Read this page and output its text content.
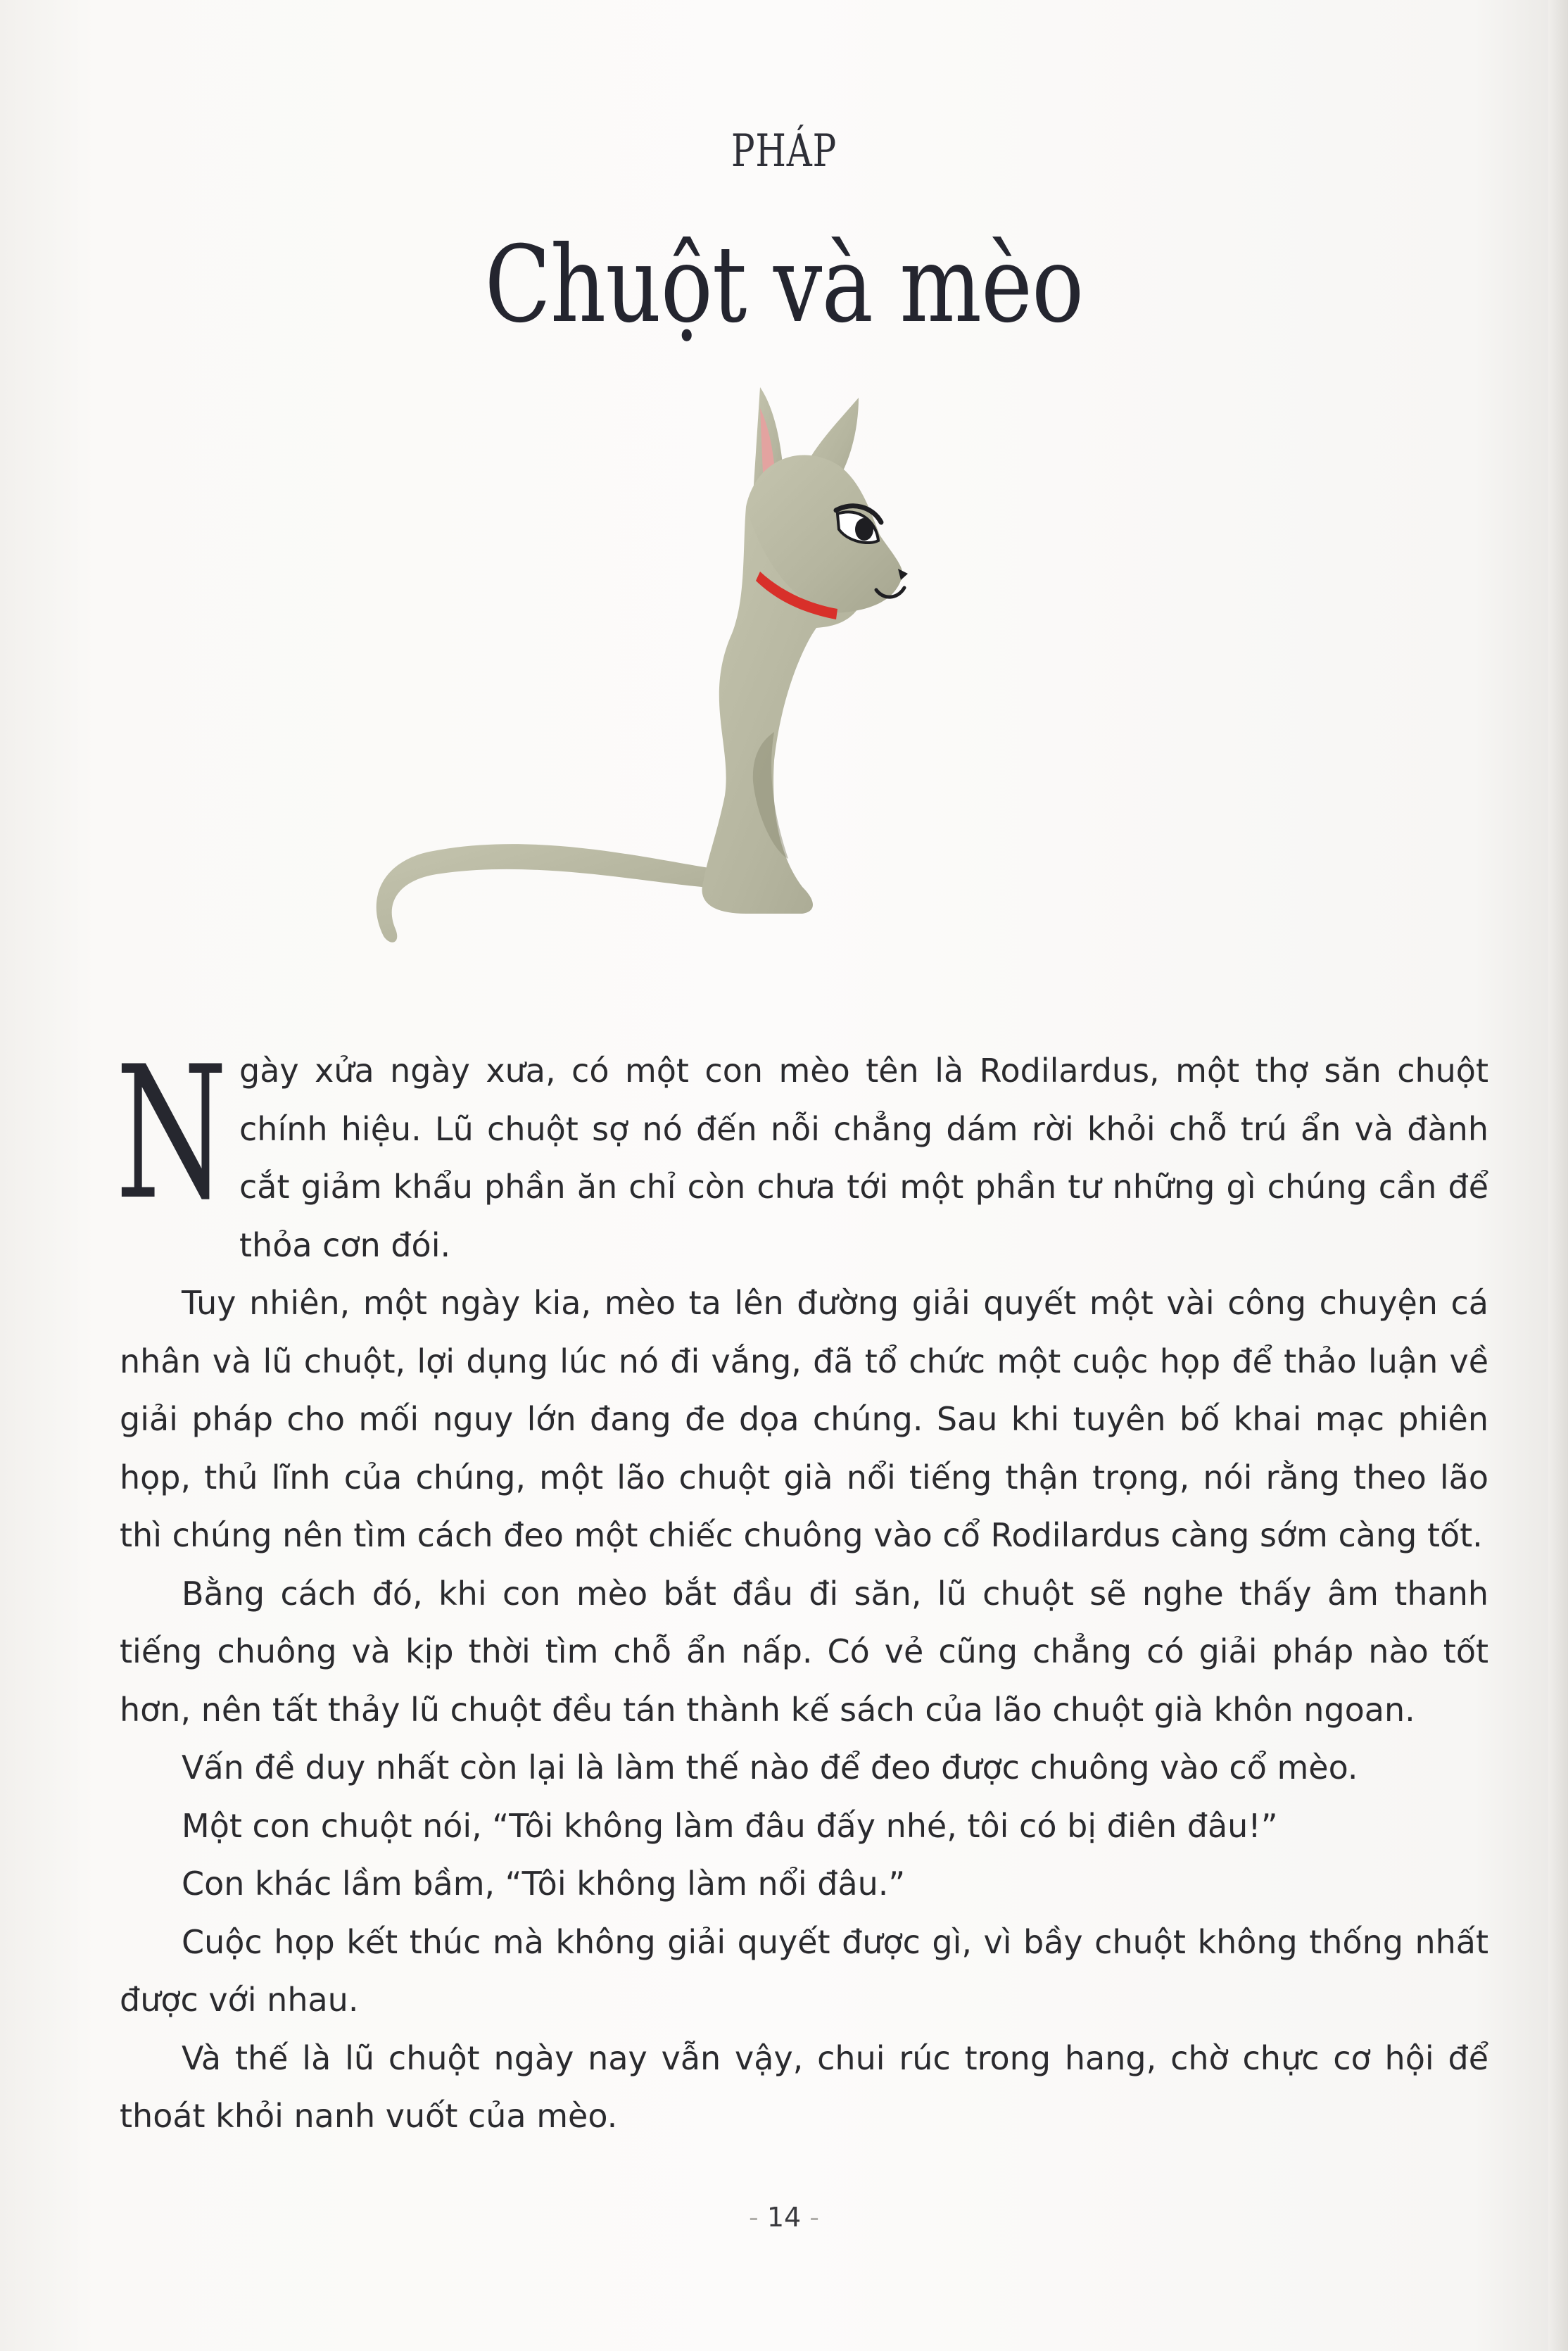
PHÁP
Chuột và mèo

Ngày xửa ngày xưa, có một con mèo tên là Rodilardus, một thợ săn chuột chính hiệu. Lũ chuột sợ nó đến nỗi chẳng dám rời khỏi chỗ trú ẩn và đành cắt giảm khẩu phần ăn chỉ còn chưa tới một phần tư những gì chúng cần để thỏa cơn đói.

Tuy nhiên, một ngày kia, mèo ta lên đường giải quyết một vài công chuyện cá nhân và lũ chuột, lợi dụng lúc nó đi vắng, đã tổ chức một cuộc họp để thảo luận về giải pháp cho mối nguy lớn đang đe dọa chúng. Sau khi tuyên bố khai mạc phiên họp, thủ lĩnh của chúng, một lão chuột già nổi tiếng thận trọng, nói rằng theo lão thì chúng nên tìm cách đeo một chiếc chuông vào cổ Rodilardus càng sớm càng tốt.

Bằng cách đó, khi con mèo bắt đầu đi săn, lũ chuột sẽ nghe thấy âm thanh tiếng chuông và kịp thời tìm chỗ ẩn nấp. Có vẻ cũng chẳng có giải pháp nào tốt hơn, nên tất thảy lũ chuột đều tán thành kế sách của lão chuột già khôn ngoan.

Vấn đề duy nhất còn lại là làm thế nào để đeo được chuông vào cổ mèo.

Một con chuột nói, “Tôi không làm đâu đấy nhé, tôi có bị điên đâu!”

Con khác lầm bầm, “Tôi không làm nổi đâu.”

Cuộc họp kết thúc mà không giải quyết được gì, vì bầy chuột không thống nhất được với nhau.

Và thế là lũ chuột ngày nay vẫn vậy, chui rúc trong hang, chờ chực cơ hội để thoát khỏi nanh vuốt của mèo.

- 14 -
